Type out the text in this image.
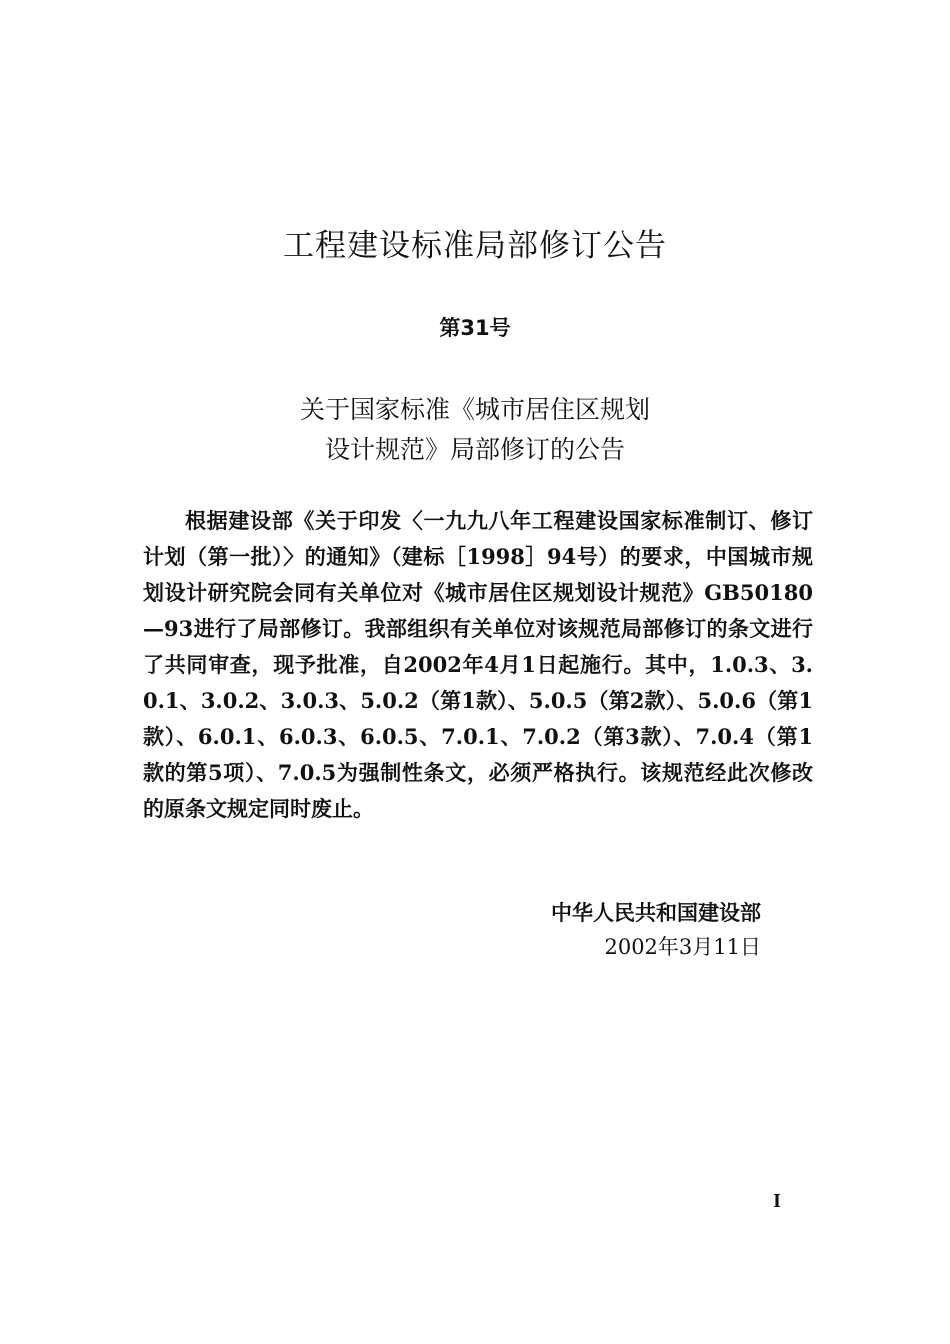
工程建设标准局部修订公告
第31号
关于国家标准《城市居住区规划
设计规范》局部修订的公告

根据建设部《关于印发〈一九九八年工程建设国家标准制订、修订计划（第一批）〉的通知》（建标［1998］94号）的要求，中国城市规划设计研究院会同有关单位对《城市居住区规划设计规范》GB50180—93进行了局部修订。我部组织有关单位对该规范局部修订的条文进行了共同审查，现予批准，自2002年4月1日起施行。其中，1.0.3、3.0.1、3.0.2、3.0.3、5.0.2（第1款）、5.0.5（第2款）、5.0.6（第1款）、6.0.1、6.0.3、6.0.5、7.0.1、7.0.2（第3款）、7.0.4（第1款的第5项）、7.0.5为强制性条文，必须严格执行。该规范经此次修改的原条文规定同时废止。

中华人民共和国建设部
2002年3月11日
I
